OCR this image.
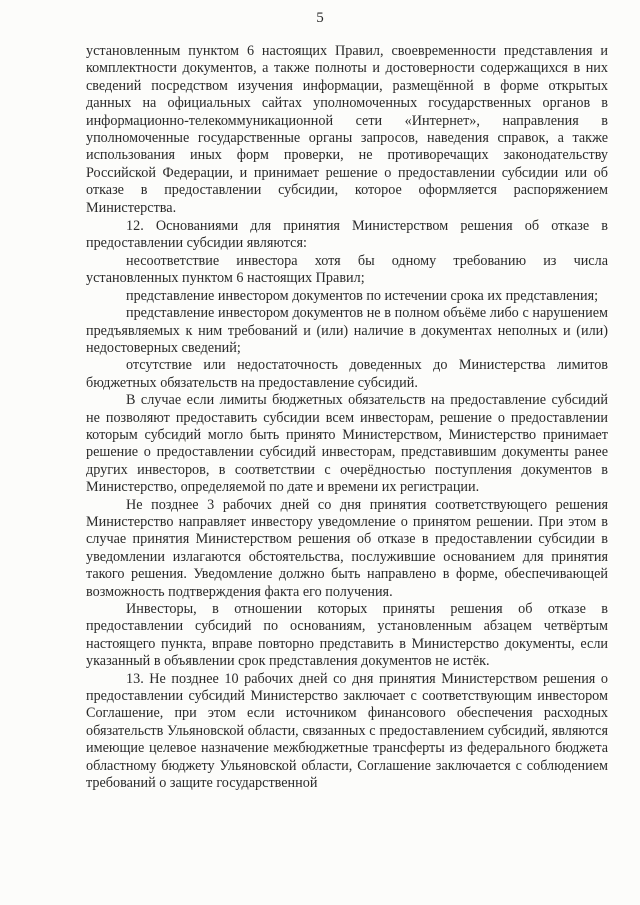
5

установленным пунктом 6 настоящих Правил, своевременности представления и комплектности документов, а также полноты и достоверности содержащихся в них сведений посредством изучения информации, размещённой в форме открытых данных на официальных сайтах уполномоченных государственных органов в информационно-телекоммуникационной сети «Интернет», направления в уполномоченные государственные органы запросов, наведения справок, а также использования иных форм проверки, не противоречащих законодательству Российской Федерации, и принимает решение о предоставлении субсидии или об отказе в предоставлении субсидии, которое оформляется распоряжением Министерства.

12. Основаниями для принятия Министерством решения об отказе в предоставлении субсидии являются:

несоответствие инвестора хотя бы одному требованию из числа установленных пунктом 6 настоящих Правил;

представление инвестором документов по истечении срока их представления;

представление инвестором документов не в полном объёме либо с нарушением предъявляемых к ним требований и (или) наличие в документах неполных и (или) недостоверных сведений;

отсутствие или недостаточность доведенных до Министерства лимитов бюджетных обязательств на предоставление субсидий.

В случае если лимиты бюджетных обязательств на предоставление субсидий не позволяют предоставить субсидии всем инвесторам, решение о предоставлении которым субсидий могло быть принято Министерством, Министерство принимает решение о предоставлении субсидий инвесторам, представившим документы ранее других инвесторов, в соответствии с очерёдностью поступления документов в Министерство, определяемой по дате и времени их регистрации.

Не позднее 3 рабочих дней со дня принятия соответствующего решения Министерство направляет инвестору уведомление о принятом решении. При этом в случае принятия Министерством решения об отказе в предоставлении субсидии в уведомлении излагаются обстоятельства, послужившие основанием для принятия такого решения. Уведомление должно быть направлено в форме, обеспечивающей возможность подтверждения факта его получения.

Инвесторы, в отношении которых приняты решения об отказе в предоставлении субсидий по основаниям, установленным абзацем четвёртым настоящего пункта, вправе повторно представить в Министерство документы, если указанный в объявлении срок представления документов не истёк.

13. Не позднее 10 рабочих дней со дня принятия Министерством решения о предоставлении субсидий Министерство заключает с соответствующим инвестором Соглашение, при этом если источником финансового обеспечения расходных обязательств Ульяновской области, связанных с предоставлением субсидий, являются имеющие целевое назначение межбюджетные трансферты из федерального бюджета областному бюджету Ульяновской области, Соглашение заключается с соблюдением требований о защите государственной
